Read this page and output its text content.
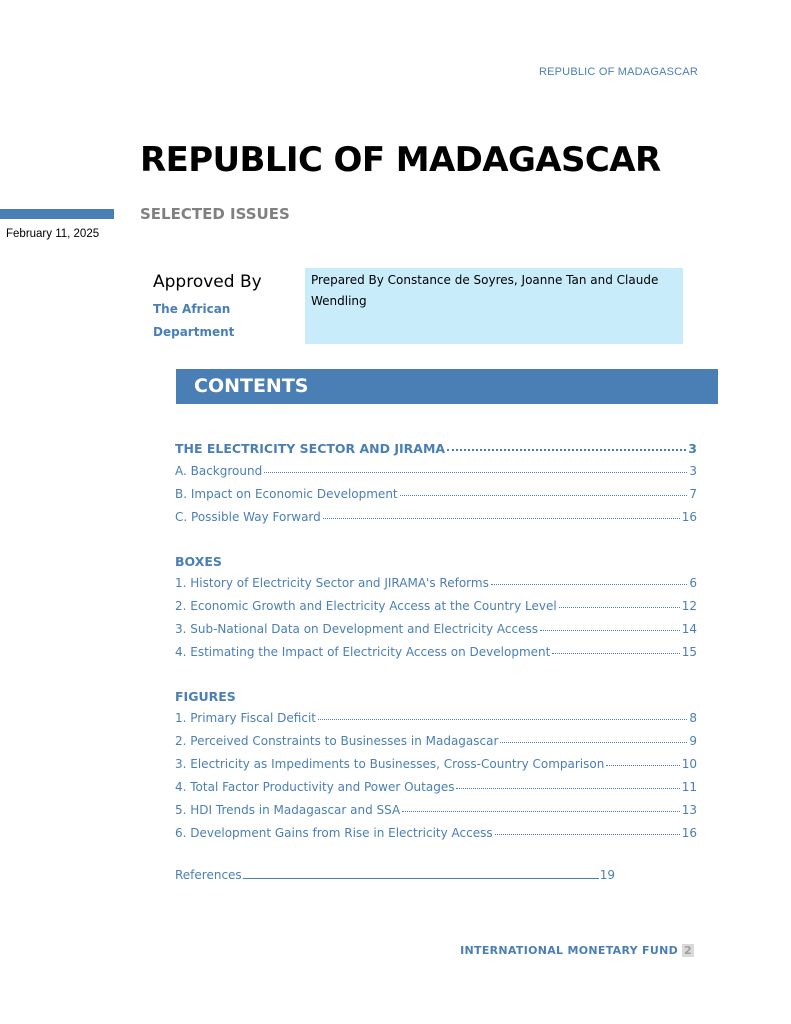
REPUBLIC OF MADAGASCAR
REPUBLIC OF MADAGASCAR
SELECTED ISSUES
February 11, 2025
Approved By
The African Department
Prepared By Constance de Soyres, Joanne Tan and Claude Wendling
CONTENTS
THE ELECTRICITY SECTOR AND JIRAMA	3
A. Background	3
B. Impact on Economic Development	7
C. Possible Way Forward	16
BOXES
1. History of Electricity Sector and JIRAMA's Reforms	6
2. Economic Growth and Electricity Access at the Country Level	12
3. Sub-National Data on Development and Electricity Access	14
4. Estimating the Impact of Electricity Access on Development	15
FIGURES
1. Primary Fiscal Deficit	8
2. Perceived Constraints to Businesses in Madagascar	9
3. Electricity as Impediments to Businesses, Cross-Country Comparison	10
4. Total Factor Productivity and Power Outages	11
5. HDI Trends in Madagascar and SSA	13
6. Development Gains from Rise in Electricity Access	16
References	19
INTERNATIONAL MONETARY FUND 2
